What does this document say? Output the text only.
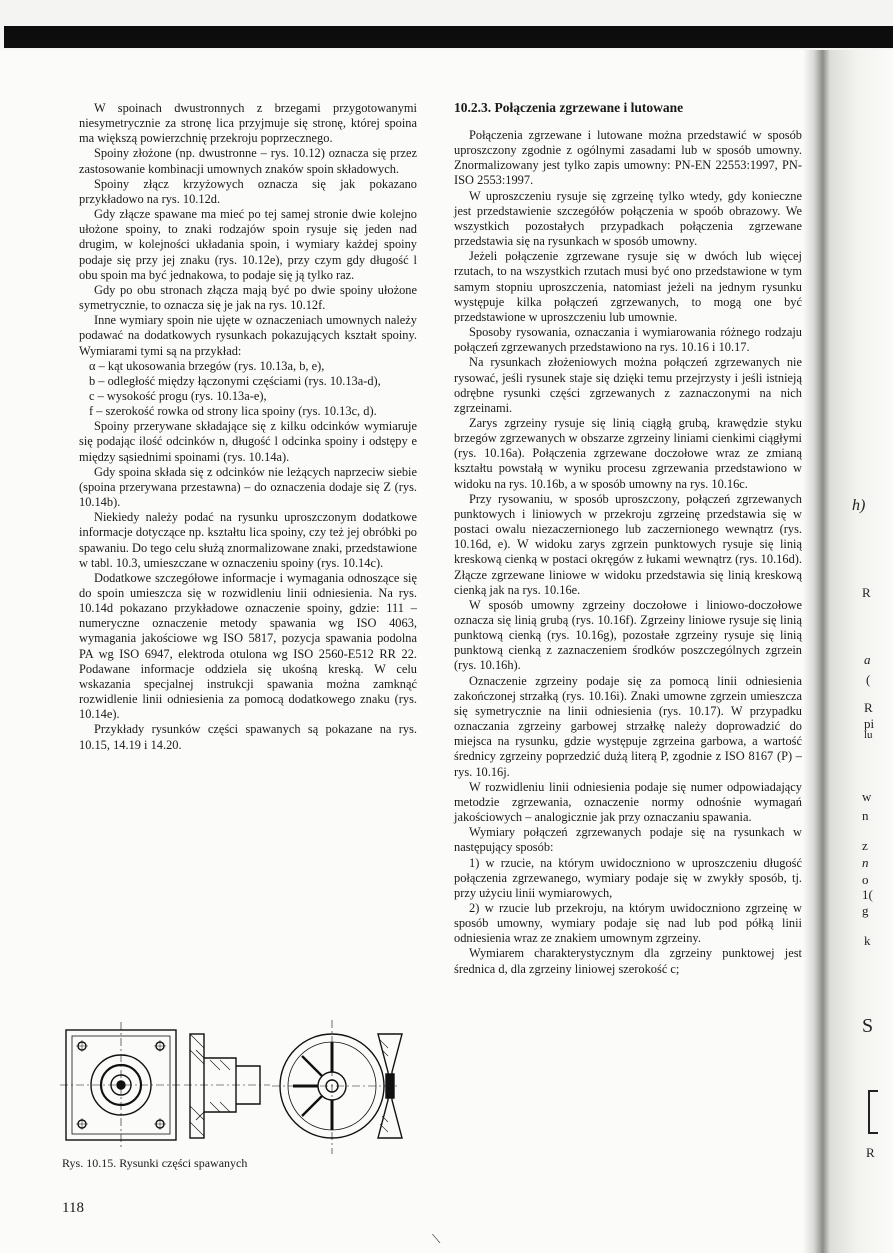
W spoinach dwustronnych z brzegami przygotowanymi niesymetrycznie za stronę lica przyjmuje się stronę, której spoina ma większą powierzchnię przekroju poprzecznego.

Spoiny złożone (np. dwustronne – rys. 10.12) oznacza się przez zastosowanie kombinacji umownych znaków spoin składowych.

Spoiny złącz krzyżowych oznacza się jak pokazano przykładowo na rys. 10.12d.

Gdy złącze spawane ma mieć po tej samej stronie dwie kolejno ułożone spoiny, to znaki rodzajów spoin rysuje się jeden nad drugim, w kolejności układania spoin, i wymiary każdej spoiny podaje się przy jej znaku (rys. 10.12e), przy czym gdy długość l obu spoin ma być jednakowa, to podaje się ją tylko raz.

Gdy po obu stronach złącza mają być po dwie spoiny ułożone symetrycznie, to oznacza się je jak na rys. 10.12f.

Inne wymiary spoin nie ujęte w oznaczeniach umownych należy podawać na dodatkowych rysunkach pokazujących kształt spoiny. Wymiarami tymi są na przykład:

α – kąt ukosowania brzegów (rys. 10.13a, b, e),

b – odległość między łączonymi częściami (rys. 10.13a-d),

c – wysokość progu (rys. 10.13a-e),

f – szerokość rowka od strony lica spoiny (rys. 10.13c, d).

Spoiny przerywane składające się z kilku odcinków wymiaruje się podając ilość odcinków n, długość l odcinka spoiny i odstępy e między sąsiednimi spoinami (rys. 10.14a).

Gdy spoina składa się z odcinków nie leżących naprzeciw siebie (spoina przerywana przestawna) – do oznaczenia dodaje się Z (rys. 10.14b).

Niekiedy należy podać na rysunku uproszczonym dodatkowe informacje dotyczące np. kształtu lica spoiny, czy też jej obróbki po spawaniu. Do tego celu służą znormalizowane znaki, przedstawione w tabl. 10.3, umieszczane w oznaczeniu spoiny (rys. 10.14c).

Dodatkowe szczegółowe informacje i wymagania odnoszące się do spoin umieszcza się w rozwidleniu linii odniesienia. Na rys. 10.14d pokazano przykładowe oznaczenie spoiny, gdzie: 111 – numeryczne oznaczenie metody spawania wg ISO 4063, wymagania jakościowe wg ISO 5817, pozycja spawania podolna PA wg ISO 6947, elektroda otulona wg ISO 2560-E512 RR 22. Podawane informacje oddziela się ukośną kreską. W celu wskazania specjalnej instrukcji spawania można zamknąć rozwidlenie linii odniesienia za pomocą dodatkowego znaku (rys. 10.14e).

Przykłady rysunków części spawanych są pokazane na rys. 10.15, 14.19 i 14.20.

10.2.3. Połączenia zgrzewane i lutowane

Połączenia zgrzewane i lutowane można przedstawić w sposób uproszczony zgodnie z ogólnymi zasadami lub w sposób umowny. Znormalizowany jest tylko zapis umowny: PN-EN 22553:1997, PN-ISO 2553:1997.

W uproszczeniu rysuje się zgrzeinę tylko wtedy, gdy konieczne jest przedstawienie szczegółów połączenia w spoób obrazowy. We wszystkich pozostałych przypadkach połączenia zgrzewane przedstawia się na rysunkach w sposób umowny.

Jeżeli połączenie zgrzewane rysuje się w dwóch lub więcej rzutach, to na wszystkich rzutach musi być ono przedstawione w tym samym stopniu uproszczenia, natomiast jeżeli na jednym rysunku występuje kilka połączeń zgrzewanych, to mogą one być przedstawione w uproszczeniu lub umownie.

Sposoby rysowania, oznaczania i wymiarowania różnego rodzaju połączeń zgrzewanych przedstawiono na rys. 10.16 i 10.17.

Na rysunkach złożeniowych można połączeń zgrzewanych nie rysować, jeśli rysunek staje się dzięki temu przejrzysty i jeśli istnieją odrębne rysunki części zgrzewanych z zaznaczonymi na nich zgrzeinami.

Zarys zgrzeiny rysuje się linią ciągłą grubą, krawędzie styku brzegów zgrzewanych w obszarze zgrzeiny liniami cienkimi ciągłymi (rys. 10.16a). Połączenia zgrzewane doczołowe wraz ze zmianą kształtu powstałą w wyniku procesu zgrzewania przedstawiono w widoku na rys. 10.16b, a w sposób umowny na rys. 10.16c.

Przy rysowaniu, w sposób uproszczony, połączeń zgrzewanych punktowych i liniowych w przekroju zgrzeinę przedstawia się w postaci owalu niezaczernionego lub zaczernionego wewnątrz (rys. 10.16d, e). W widoku zarys zgrzein punktowych rysuje się linią kreskową cienką w postaci okręgów z łukami wewnątrz (rys. 10.16d). Złącze zgrzewane liniowe w widoku przedstawia się linią kreskową cienką jak na rys. 10.16e.

W sposób umowny zgrzeiny doczołowe i liniowo-doczołowe oznacza się linią grubą (rys. 10.16f). Zgrzeiny liniowe rysuje się linią punktową cienką (rys. 10.16g), pozostałe zgrzeiny rysuje się linią punktową cienką z zaznaczeniem środków poszczególnych zgrzein (rys. 10.16h).

Oznaczenie zgrzeiny podaje się za pomocą linii odniesienia zakończonej strzałką (rys. 10.16i). Znaki umowne zgrzein umieszcza się symetrycznie na linii odniesienia (rys. 10.17). W przypadku oznaczania zgrzeiny garbowej strzałkę należy doprowadzić do miejsca na rysunku, gdzie występuje zgrzeina garbowa, a wartość średnicy zgrzeiny poprzedzić dużą literą P, zgodnie z ISO 8167 (P) – rys. 10.16j.

W rozwidleniu linii odniesienia podaje się numer odpowiadający metodzie zgrzewania, oznaczenie normy odnośnie wymagań jakościowych – analogicznie jak przy oznaczaniu spawania.

Wymiary połączeń zgrzewanych podaje się na rysunkach w następujący sposób:

1) w rzucie, na którym uwidoczniono w uproszczeniu długość połączenia zgrzewanego, wymiary podaje się w zwykły sposób, tj. przy użyciu linii wymiarowych,

2) w rzucie lub przekroju, na którym uwidoczniono zgrzeinę w sposób umowny, wymiary podaje się nad lub pod półką linii odniesienia wraz ze znakiem umownym zgrzeiny.

Wymiarem charakterystycznym dla zgrzeiny punktowej jest średnica d, dla zgrzeiny liniowej szerokość c;

Rys. 10.15. Rysunki części spawanych
118
h)
R
a
(
R
pi
lu
w
n
z
n
o
1(
g
k
S
R
⟍
